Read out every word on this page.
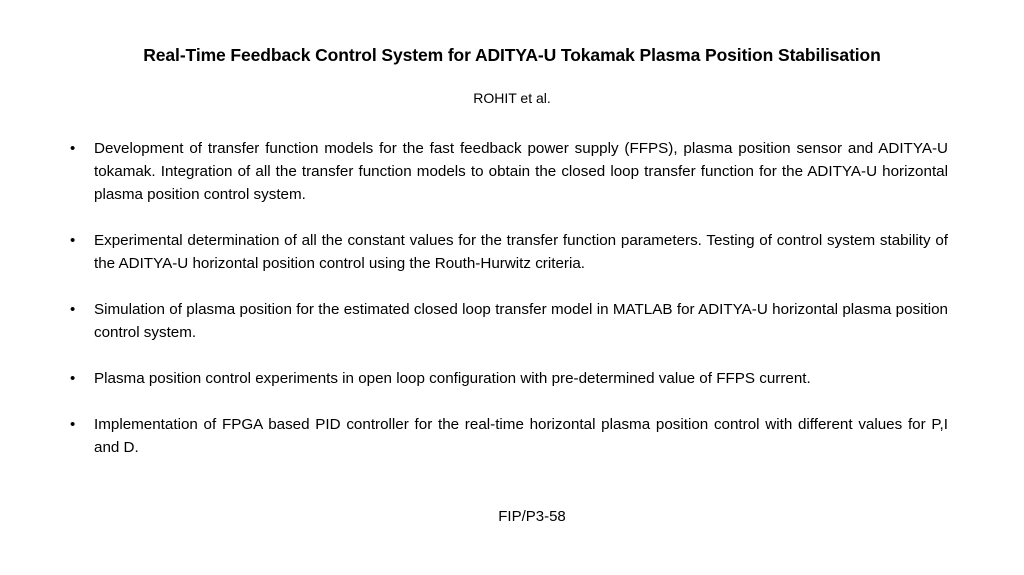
Real-Time Feedback Control System for ADITYA-U Tokamak Plasma Position Stabilisation
ROHIT et al.
• Development of transfer function models for the fast feedback power supply (FFPS), plasma position sensor and ADITYA-U tokamak. Integration of all the transfer function models to obtain the closed loop transfer function for the ADITYA-U horizontal plasma position control system.
• Experimental determination of all the constant values for the transfer function parameters. Testing of control system stability of the ADITYA-U horizontal position control using the Routh-Hurwitz criteria.
• Simulation of plasma position for the estimated closed loop transfer model in MATLAB for ADITYA-U horizontal plasma position control system.
• Plasma position control experiments in open loop configuration with pre-determined value of FFPS current.
• Implementation of FPGA based PID controller for the real-time horizontal plasma position control with different values for P,I and D.
FIP/P3-58
